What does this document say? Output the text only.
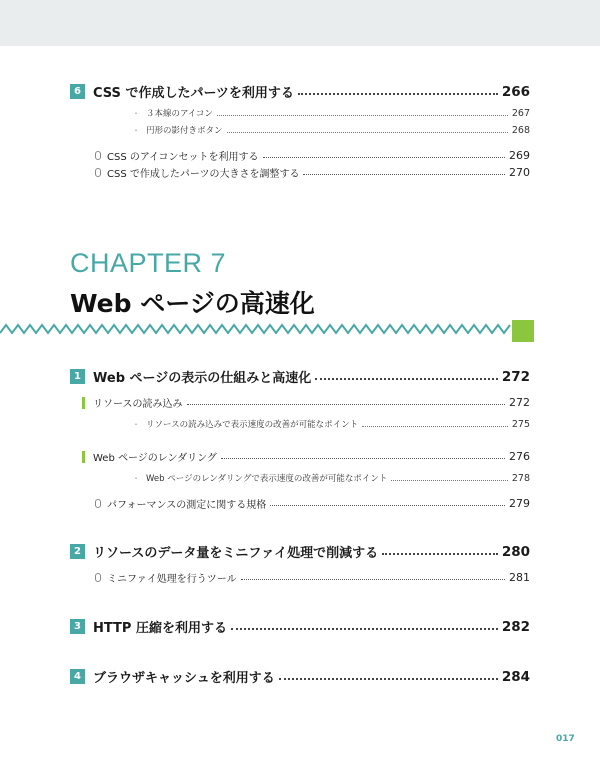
6 CSS で作成したパーツを利用する	266
・ ３本線のアイコン	267
・ 円形の影付きボタン	268
CSS のアイコンセットを利用する	269
CSS で作成したパーツの大きさを調整する	270
CHAPTER 7
Web ページの高速化
1 Web ページの表示の仕組みと高速化	272
リソースの読み込み	272
・ リソースの読み込みで表示速度の改善が可能なポイント	275
Web ページのレンダリング	276
・ Web ページのレンダリングで表示速度の改善が可能なポイント	278
パフォーマンスの測定に関する規格	279
2 リソースのデータ量をミニファイ処理で削減する	280
ミニファイ処理を行うツール	281
3 HTTP 圧縮を利用する	282
4 ブラウザキャッシュを利用する	284
017
